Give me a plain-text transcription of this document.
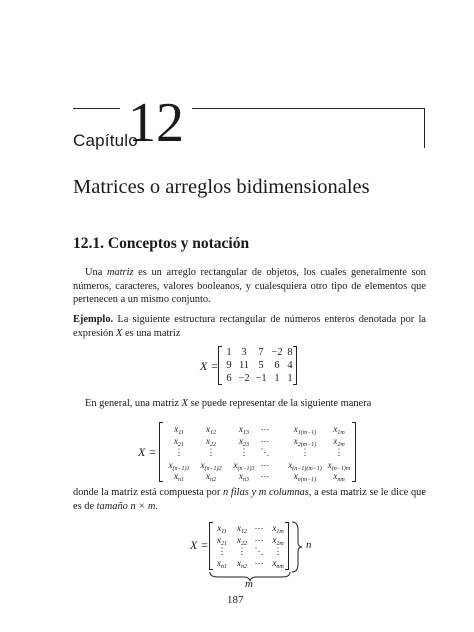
Capítulo
12
Matrices o arreglos bidimensionales
12.1. Conceptos y notación
Una matriz es un arreglo rectangular de objetos, los cuales generalmente son números, caracteres, valores booleanos, y cualesquiera otro tipo de elementos que pertenecen a un mismo conjunto.
Ejemplo. La siguiente estructura rectangular de números enteros denotada por la expresión X es una matriz
X =
1 3	7 −2 8
9 11 5	6 4
6 −2 −1 1 1
En general, una matriz X se puede representar de la siguiente manera
X =
$x_{11}$	$x_{12}$	$x_{13}$	⋯	$x_{1(m-1)}$	$x_{1m}$
$x_{21}$	$x_{22}$	$x_{23}$	⋯	$x_{2(m-1)}$	$x_{2m}$
⋮	⋮	⋮	⋱	⋮	⋮
$x_{(n-1)1}$	$x_{(n-1)2}$	$x_{(n-1)3}$ ⋯	$x_{(n-1)(m-1)}$ $x_{(n-1)m}$
$x_{n1}$	$x_{n2}$	$x_{n3}$	⋯	$x_{n(m-1)}$	$x_{nm}$
donde la matriz está compuesta por n filas y m columnas, a esta matriz se le dice que es de tamaño n × m.
X =
$x_{11}$	$x_{12}$ ⋯ $x_{1m}$
$x_{21}$	$x_{22}$ ⋯ $x_{2m}$
⋮	⋮ ⋱	⋮
$x_{n1}$	$x_{n2}$ ⋯ $x_{nm}$
n
m
187
